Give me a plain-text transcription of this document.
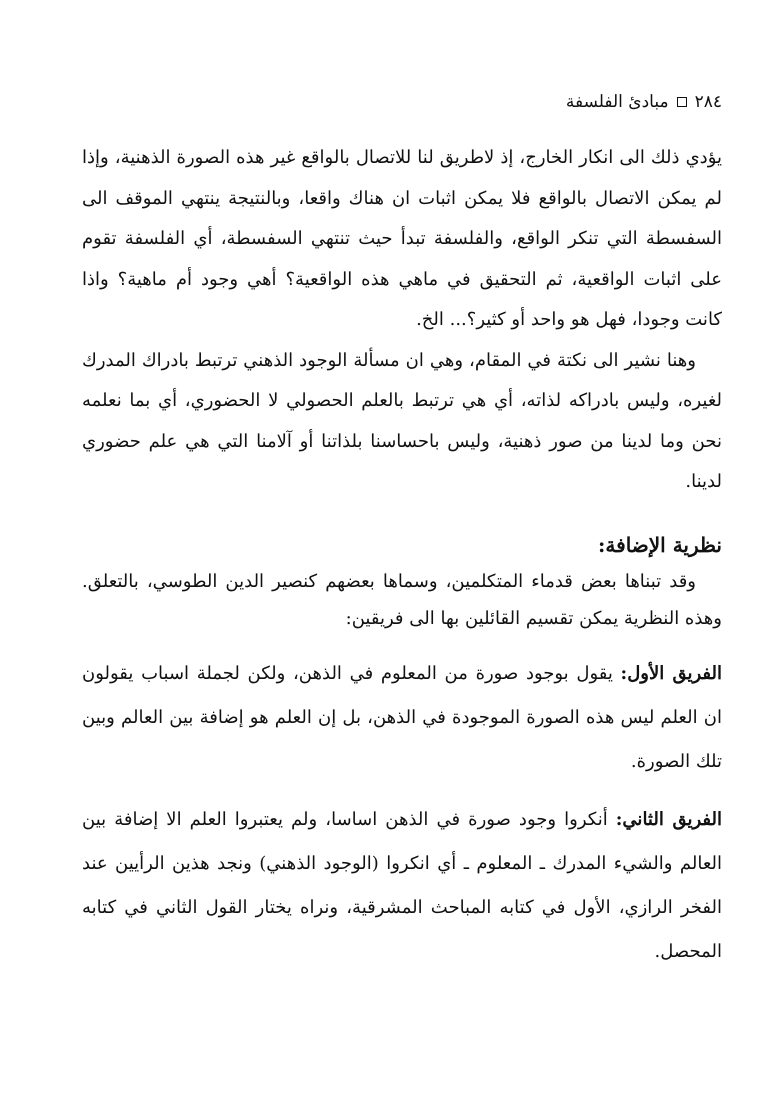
٢٨٤
مبادئ الفلسفة

يؤدي ذلك الى انكار الخارج، إذ لاطريق لنا للاتصال بالواقع غير هذه الصورة الذهنية، وإذا لم يمكن الاتصال بالواقع فلا يمكن اثبات ان هناك واقعا، وبالنتيجة ينتهي الموقف الى السفسطة التي تنكر الواقع، والفلسفة تبدأ حيث تنتهي السفسطة، أي الفلسفة تقوم على اثبات الواقعية، ثم التحقيق في ماهي هذه الواقعية؟ أهي وجود أم ماهية؟ واذا كانت وجودا، فهل هو واحد أو كثير؟... الخ.

وهنا نشير الى نكتة في المقام، وهي ان مسألة الوجود الذهني ترتبط بادراك المدرك لغيره، وليس بادراكه لذاته، أي هي ترتبط بالعلم الحصولي لا الحضوري، أي بما نعلمه نحن وما لدينا من صور ذهنية، وليس باحساسنا بلذاتنا أو آلامنا التي هي علم حضوري لدينا.

نظرية الإضافة:

وقد تبناها بعض قدماء المتكلمين، وسماها بعضهم كنصير الدين الطوسي، بالتعلق. وهذه النظرية يمكن تقسيم القائلين بها الى فريقين:

الفريق الأول: يقول بوجود صورة من المعلوم في الذهن، ولكن لجملة اسباب يقولون ان العلم ليس هذه الصورة الموجودة في الذهن، بل إن العلم هو إضافة بين العالم وبين تلك الصورة.

الفريق الثاني: أنكروا وجود صورة في الذهن اساسا، ولم يعتبروا العلم الا إضافة بين العالم والشيء المدرك ـ المعلوم ـ أي انكروا (الوجود الذهني) ونجد هذين الرأيين عند الفخر الرازي، الأول في كتابه المباحث المشرقية، ونراه يختار القول الثاني في كتابه المحصل.
